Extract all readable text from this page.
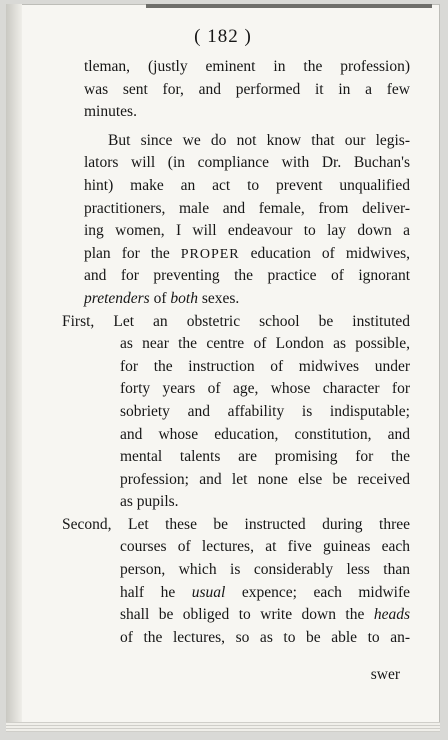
( 182 )
tleman, (justly eminent in the profession)
was sent for, and performed it in a few
minutes.
But since we do not know that our legis-
lators will (in compliance with Dr. Buchan's
hint) make an act to prevent unqualified
practitioners, male and female, from deliver-
ing women, I will endeavour to lay down a
plan for the PROPER education of midwives,
and for preventing the practice of ignorant
pretenders of both sexes.
First, Let an obstetric school be instituted
as near the centre of London as possible,
for the instruction of midwives under
forty years of age, whose character for
sobriety and affability is indisputable;
and whose education, constitution, and
mental talents are promising for the
profession; and let none else be received
as pupils.
Second, Let these be instructed during three
courses of lectures, at five guineas each
person, which is considerably less than
half he usual expence; each midwife
shall be obliged to write down the heads
of the lectures, so as to be able to an-
swer
